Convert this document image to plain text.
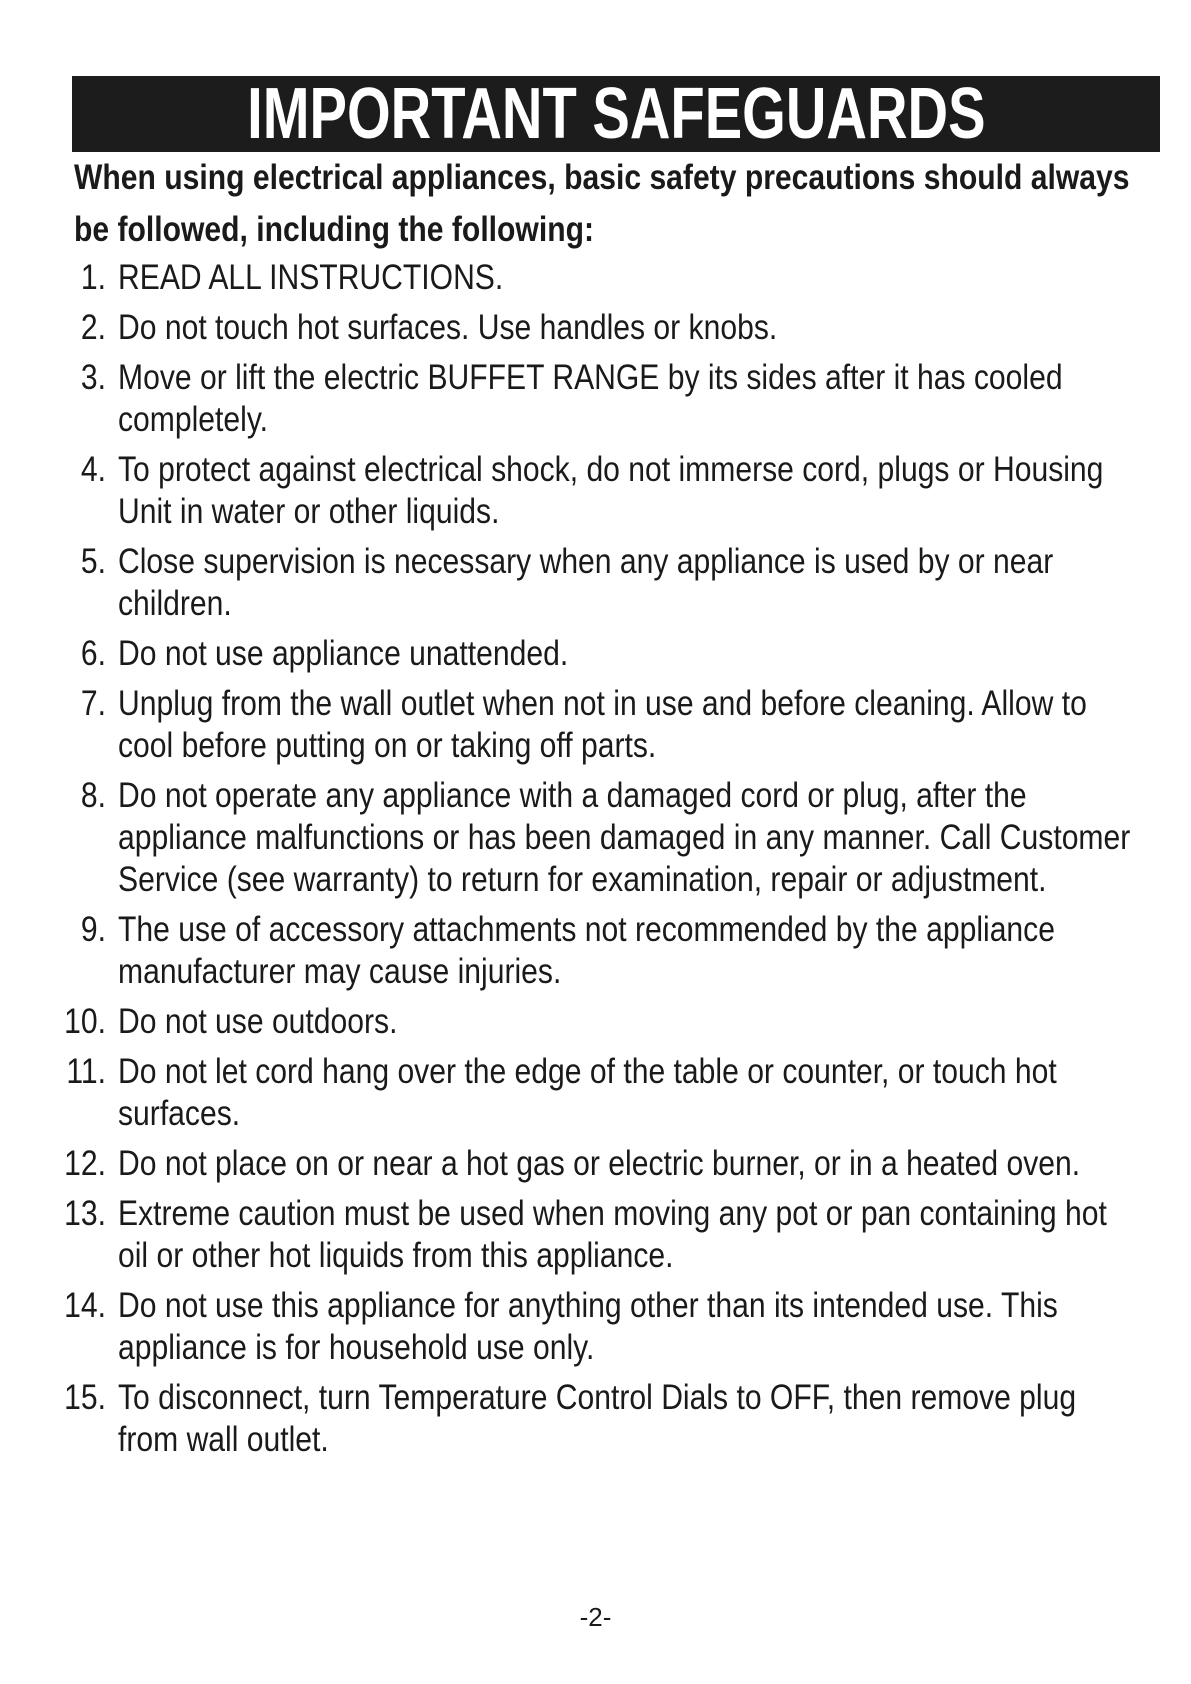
IMPORTANT SAFEGUARDS
When using electrical appliances, basic safety precautions should always be followed, including the following:
1. READ ALL INSTRUCTIONS.
2. Do not touch hot surfaces. Use handles or knobs.
3. Move or lift the electric BUFFET RANGE by its sides after it has cooled completely.
4. To protect against electrical shock, do not immerse cord, plugs or Housing Unit in water or other liquids.
5. Close supervision is necessary when any appliance is used by or near children.
6. Do not use appliance unattended.
7. Unplug from the wall outlet when not in use and before cleaning. Allow to cool before putting on or taking off parts.
8. Do not operate any appliance with a damaged cord or plug, after the appliance malfunctions or has been damaged in any manner. Call Customer Service (see warranty) to return for examination, repair or adjustment.
9. The use of accessory attachments not recommended by the appliance manufacturer may cause injuries.
10. Do not use outdoors.
11. Do not let cord hang over the edge of the table or counter, or touch hot surfaces.
12. Do not place on or near a hot gas or electric burner, or in a heated oven.
13. Extreme caution must be used when moving any pot or pan containing hot oil or other hot liquids from this appliance.
14. Do not use this appliance for anything other than its intended use. This appliance is for household use only.
15. To disconnect, turn Temperature Control Dials to OFF, then remove plug from wall outlet.
-2-
